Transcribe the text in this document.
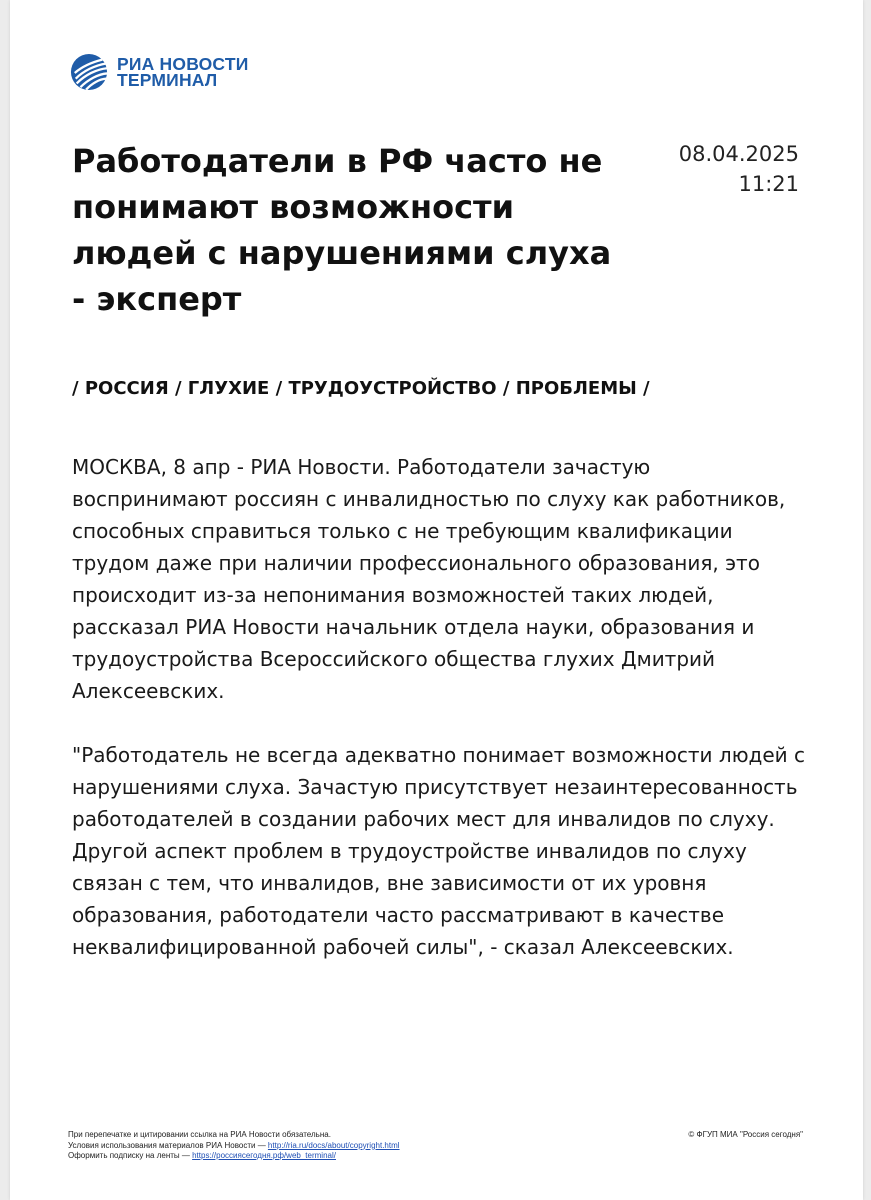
РИА НОВОСТИ
ТЕРМИНАЛ
Работодатели в РФ часто не понимают возможности людей с нарушениями слуха - эксперт
08.04.2025
11:21
/ РОССИЯ / ГЛУХИЕ / ТРУДОУСТРОЙСТВО / ПРОБЛЕМЫ /

МОСКВА, 8 апр - РИА Новости. Работодатели зачастую воспринимают россиян с инвалидностью по слуху как работников, способных справиться только с не требующим квалификации трудом даже при наличии профессионального образования, это происходит из-за непонимания возможностей таких людей, рассказал РИА Новости начальник отдела науки, образования и трудоустройства Всероссийского общества глухих Дмитрий Алексеевских.

"Работодатель не всегда адекватно понимает возможности людей с нарушениями слуха. Зачастую присутствует незаинтересованность работодателей в создании рабочих мест для инвалидов по слуху. Другой аспект проблем в трудоустройстве инвалидов по слуху связан с тем, что инвалидов, вне зависимости от их уровня образования, работодатели часто рассматривают в качестве неквалифицированной рабочей силы", - сказал Алексеевских.

При перепечатке и цитировании ссылка на РИА Новости обязательна.
Условия использования материалов РИА Новости — http://ria.ru/docs/about/copyright.html
Оформить подписку на ленты — https://россиясегодня.рф/web_terminal/
© ФГУП МИА "Россия сегодня"
